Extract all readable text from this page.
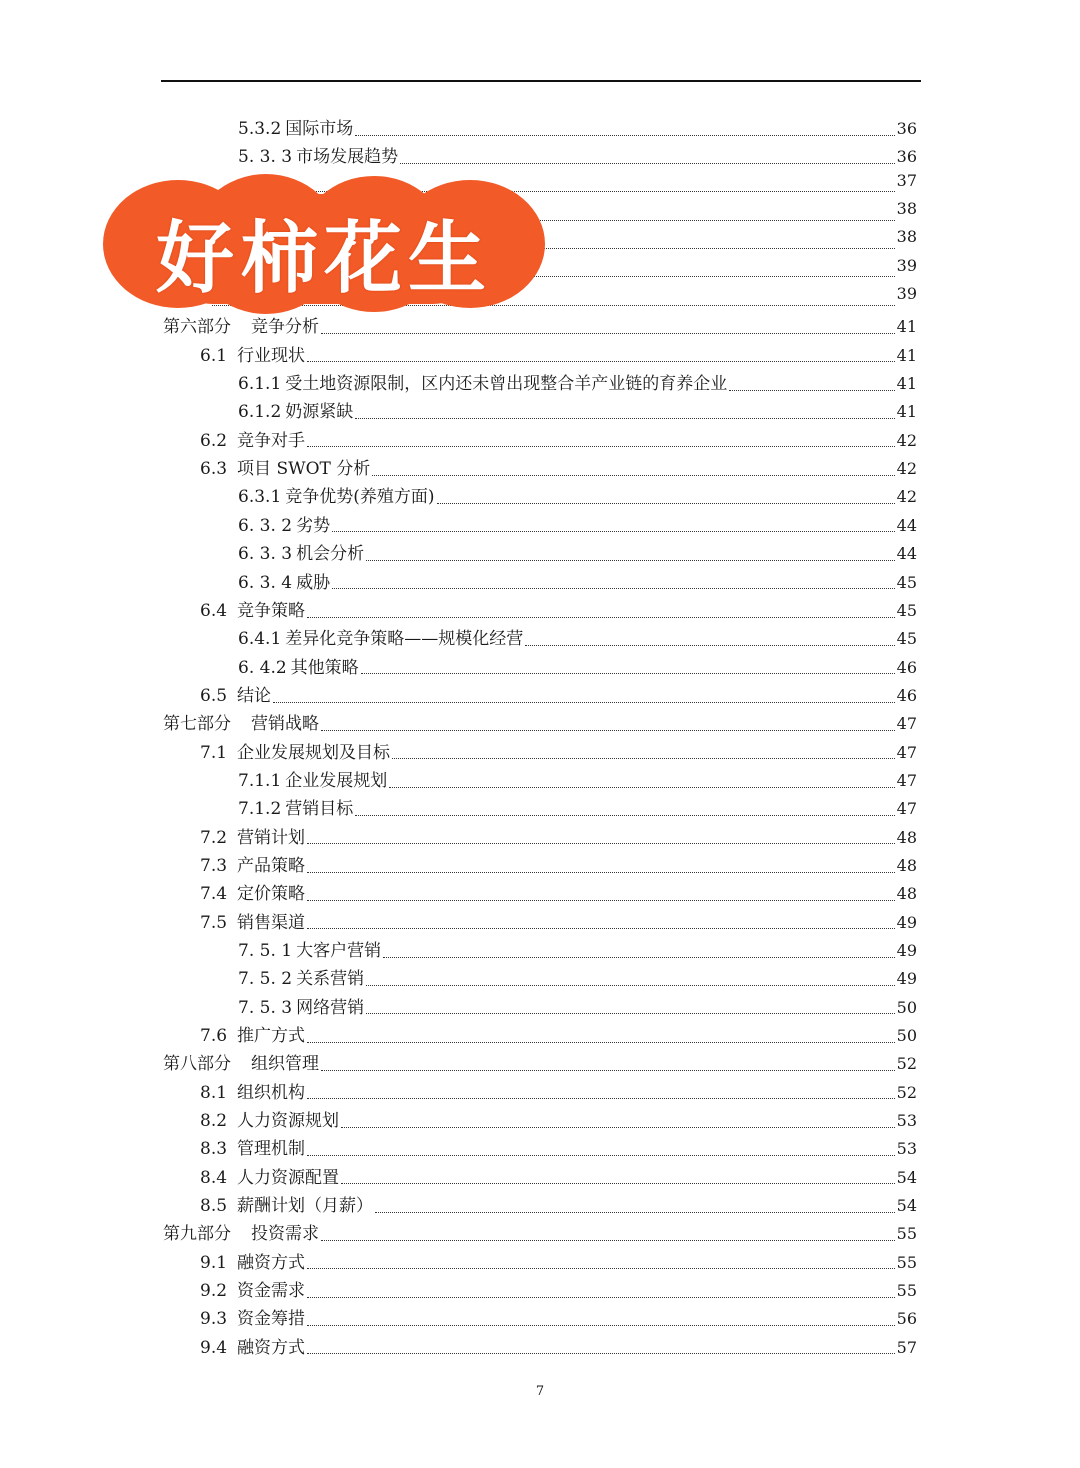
5.3.2 国际市场	36
5. 3. 3 市场发展趋势	36
37
38
38
39
39
第六部分 竞争分析	41
6.1 行业现状	41
6.1.1 受土地资源限制，区内还未曾出现整合羊产业链的育养企业	41
6.1.2 奶源紧缺	41
6.2 竞争对手	42
6.3 项目 SWOT 分析	42
6.3.1 竞争优势(养殖方面)	42
6. 3. 2 劣势	44
6. 3. 3 机会分析	44
6. 3. 4 威胁	45
6.4 竞争策略	45
6.4.1 差异化竞争策略——规模化经营	45
6. 4.2 其他策略	46
6.5 结论	46
第七部分 营销战略	47
7.1 企业发展规划及目标	47
7.1.1 企业发展规划	47
7.1.2 营销目标	47
7.2 营销计划	48
7.3 产品策略	48
7.4 定价策略	48
7.5 销售渠道	49
7. 5. 1 大客户营销	49
7. 5. 2 关系营销	49
7. 5. 3 网络营销	50
7.6 推广方式	50
第八部分 组织管理	52
8.1 组织机构	52
8.2 人力资源规划	53
8.3 管理机制	53
8.4 人力资源配置	54
8.5 薪酬计划（月薪）	54
第九部分 投资需求	55
9.1 融资方式	55
9.2 资金需求	55
9.3 资金筹措	56
9.4 融资方式	57
7
好柿花生
